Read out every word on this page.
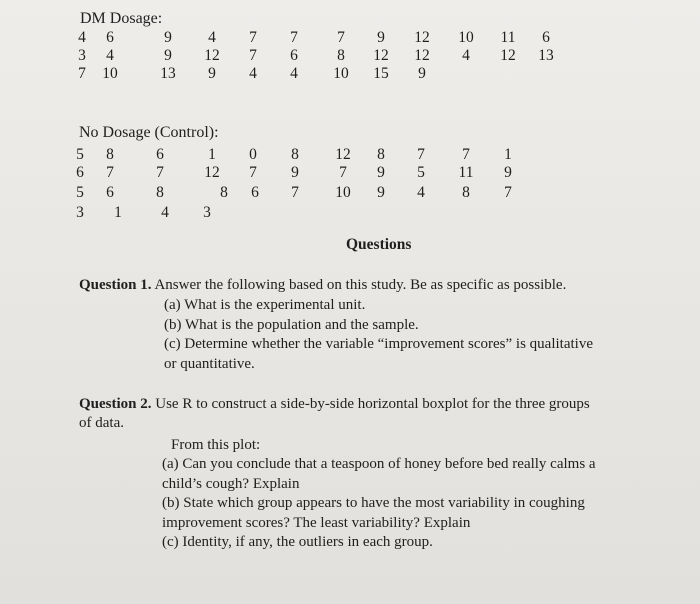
DM Dosage:
4	6	9	4	7	7	7	9	12	10	11	6
3	4	9	12	7	6	8	12	12	4	12	13
7	10	13	9	4	4	10	15	9
No Dosage (Control):
5	8	6	1	0	8	12	8	7	7	1
6	7	7	12	7	9	7	9	5	11	9
5	6	8	8	6	7	10	9	4	8	7
3	1	4	3
Questions
Question 1. Answer the following based on this study. Be as specific as possible.
(a) What is the experimental unit.
(b) What is the population and the sample.
(c) Determine whether the variable “improvement scores” is qualitative
or quantitative.
Question 2. Use R to construct a side-by-side horizontal boxplot for the three groups
of data.
From this plot:
(a) Can you conclude that a teaspoon of honey before bed really calms a
child’s cough? Explain
(b) State which group appears to have the most variability in coughing
improvement scores? The least variability? Explain
(c) Identity, if any, the outliers in each group.
